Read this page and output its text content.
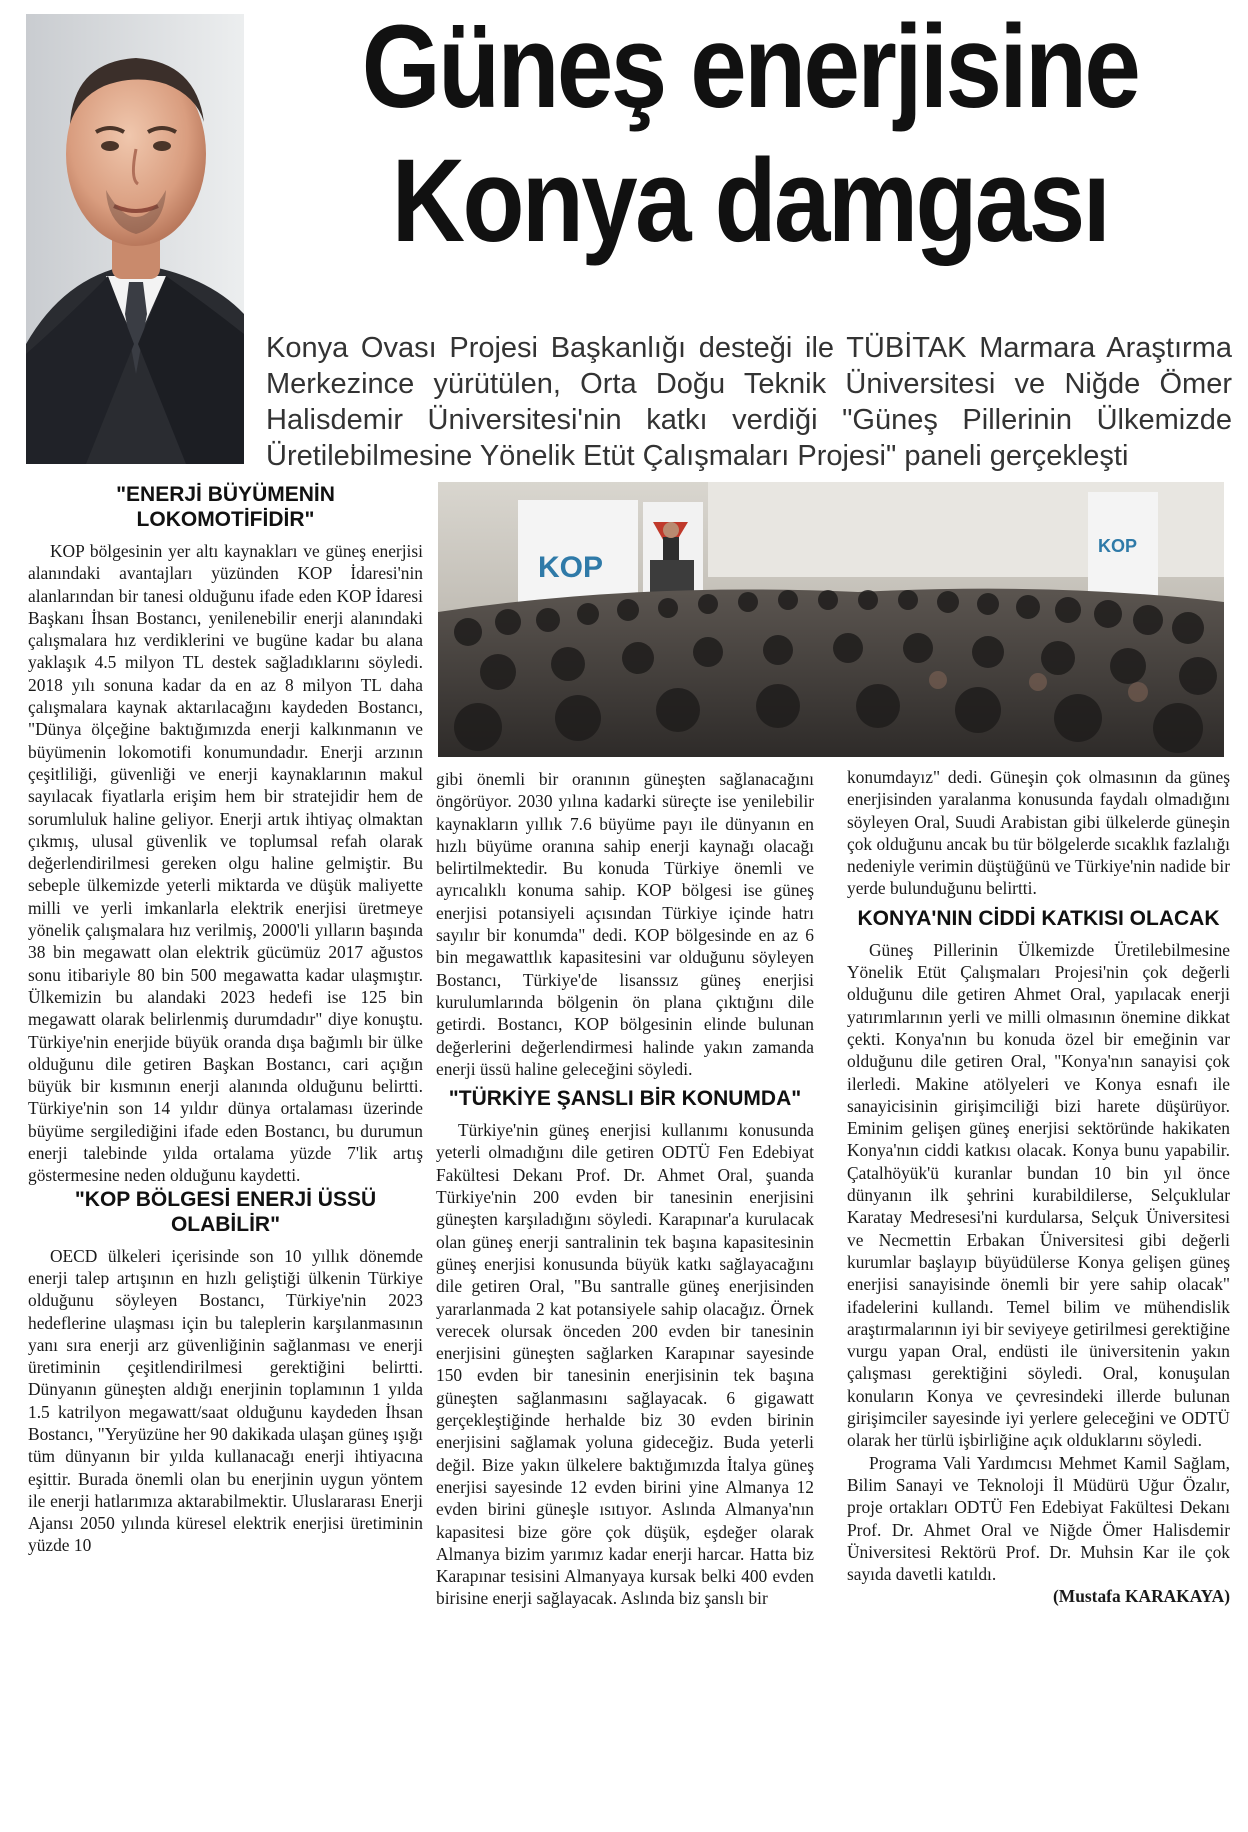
Güneş enerjisine
Konya damgası

Konya Ovası Projesi Başkanlığı desteği ile TÜBİTAK Marmara Araştırma Merkezince yürütülen, Orta Doğu Teknik Üniversitesi ve Niğde Ömer Halisdemir Üniversitesi'nin katkı verdiği "Güneş Pillerinin Ülkemizde Üretilebilmesine Yönelik Etüt Çalışmaları Projesi" paneli gerçekleşti

KOP
KOP
"ENERJİ BÜYÜMENİN LOKOMOTİFİDİR"

KOP bölgesinin yer altı kaynakları ve güneş enerjisi alanındaki avantajları yüzünden KOP İdaresi'nin alanlarından bir tanesi olduğunu ifade eden KOP İdaresi Başkanı İhsan Bostancı, yenilenebilir enerji alanındaki çalışmalara hız verdiklerini ve bugüne kadar bu alana yaklaşık 4.5 milyon TL destek sağladıklarını söyledi. 2018 yılı sonuna kadar da en az 8 milyon TL daha çalışmalara kaynak aktarılacağını kaydeden Bostancı, "Dünya ölçeğine baktığımızda enerji kalkınmanın ve büyümenin lokomotifi konumundadır. Enerji arzının çeşitliliği, güvenliği ve enerji kaynaklarının makul sayılacak fiyatlarla erişim hem bir stratejidir hem de sorumluluk haline geliyor. Enerji artık ihtiyaç olmaktan çıkmış, ulusal güvenlik ve toplumsal refah olarak değerlendirilmesi gereken olgu haline gelmiştir. Bu sebeple ülkemizde yeterli miktarda ve düşük maliyette milli ve yerli imkanlarla elektrik enerjisi üretmeye yönelik çalışmalara hız verilmiş, 2000'li yılların başında 38 bin megawatt olan elektrik gücümüz 2017 ağustos sonu itibariyle 80 bin 500 megawatta kadar ulaşmıştır. Ülkemizin bu alandaki 2023 hedefi ise 125 bin megawatt olarak belirlenmiş durumdadır" diye konuştu. Türkiye'nin enerjide büyük oranda dışa bağımlı bir ülke olduğunu dile getiren Başkan Bostancı, cari açığın büyük bir kısmının enerji alanında olduğunu belirtti. Türkiye'nin son 14 yıldır dünya ortalaması üzerinde büyüme sergilediğini ifade eden Bostancı, bu durumun enerji talebinde yılda ortalama yüzde 7'lik artış göstermesine neden olduğunu kaydetti.

"KOP BÖLGESİ ENERJİ ÜSSÜ OLABİLİR"

OECD ülkeleri içerisinde son 10 yıllık dönemde enerji talep artışının en hızlı geliştiği ülkenin Türkiye olduğunu söyleyen Bostancı, Türkiye'nin 2023 hedeflerine ulaşması için bu taleplerin karşılanmasının yanı sıra enerji arz güvenliğinin sağlanması ve enerji üretiminin çeşitlendirilmesi gerektiğini belirtti. Dünyanın güneşten aldığı enerjinin toplamının 1 yılda 1.5 katrilyon megawatt/saat olduğunu kaydeden İhsan Bostancı, "Yeryüzüne her 90 dakikada ulaşan güneş ışığı tüm dünyanın bir yılda kullanacağı enerji ihtiyacına eşittir. Burada önemli olan bu enerjinin uygun yöntem ile enerji hatlarımıza aktarabilmektir. Uluslararası Enerji Ajansı 2050 yılında küresel elektrik enerjisi üretiminin yüzde 10

gibi önemli bir oranının güneşten sağlanacağını öngörüyor. 2030 yılına kadarki süreçte ise yenilebilir kaynakların yıllık 7.6 büyüme payı ile dünyanın en hızlı büyüme oranına sahip enerji kaynağı olacağı belirtilmektedir. Bu konuda Türkiye önemli ve ayrıcalıklı konuma sahip. KOP bölgesi ise güneş enerjisi potansiyeli açısından Türkiye içinde hatrı sayılır bir konumda" dedi. KOP bölgesinde en az 6 bin megawattlık kapasitesini var olduğunu söyleyen Bostancı, Türkiye'de lisanssız güneş enerjisi kurulumlarında bölgenin ön plana çıktığını dile getirdi. Bostancı, KOP bölgesinin elinde bulunan değerlerini değerlendirmesi halinde yakın zamanda enerji üssü haline geleceğini söyledi.

"TÜRKİYE ŞANSLI BİR KONUMDA"

Türkiye'nin güneş enerjisi kullanımı konusunda yeterli olmadığını dile getiren ODTÜ Fen Edebiyat Fakültesi Dekanı Prof. Dr. Ahmet Oral, şuanda Türkiye'nin 200 evden bir tanesinin enerjisini güneşten karşıladığını söyledi. Karapınar'a kurulacak olan güneş enerji santralinin tek başına kapasitesinin güneş enerjisi konusunda büyük katkı sağlayacağını dile getiren Oral, "Bu santralle güneş enerjisinden yararlanmada 2 kat potansiyele sahip olacağız. Örnek verecek olursak önceden 200 evden bir tanesinin enerjisini güneşten sağlarken Karapınar sayesinde 150 evden bir tanesinin enerjisinin tek başına güneşten sağlanmasını sağlayacak. 6 gigawatt gerçekleştiğinde herhalde biz 30 evden birinin enerjisini sağlamak yoluna gideceğiz. Buda yeterli değil. Bize yakın ülkelere baktığımızda İtalya güneş enerjisi sayesinde 12 evden birini yine Almanya 12 evden birini güneşle ısıtıyor. Aslında Almanya'nın kapasitesi bize göre çok düşük, eşdeğer olarak Almanya bizim yarımız kadar enerji harcar. Hatta biz Karapınar tesisini Almanyaya kursak belki 400 evden birisine enerji sağlayacak. Aslında biz şanslı bir

konumdayız" dedi. Güneşin çok olmasının da güneş enerjisinden yaralanma konusunda faydalı olmadığını söyleyen Oral, Suudi Arabistan gibi ülkelerde güneşin çok olduğunu ancak bu tür bölgelerde sıcaklık fazlalığı nedeniyle verimin düştüğünü ve Türkiye'nin nadide bir yerde bulunduğunu belirtti.

KONYA'NIN CİDDİ KATKISI OLACAK

Güneş Pillerinin Ülkemizde Üretilebilmesine Yönelik Etüt Çalışmaları Projesi'nin çok değerli olduğunu dile getiren Ahmet Oral, yapılacak enerji yatırımlarının yerli ve milli olmasının önemine dikkat çekti. Konya'nın bu konuda özel bir emeğinin var olduğunu dile getiren Oral, "Konya'nın sanayisi çok ilerledi. Makine atölyeleri ve Konya esnafı ile sanayicisinin girişimciliği bizi harete düşürüyor. Eminim gelişen güneş enerjisi sektöründe hakikaten Konya'nın ciddi katkısı olacak. Konya bunu yapabilir. Çatalhöyük'ü kuranlar bundan 10 bin yıl önce dünyanın ilk şehrini kurabildilerse, Selçuklular Karatay Medresesi'ni kurdularsa, Selçuk Üniversitesi ve Necmettin Erbakan Üniversitesi gibi değerli kurumlar başlayıp büyüdülerse Konya gelişen güneş enerjisi sanayisinde önemli bir yere sahip olacak" ifadelerini kullandı. Temel bilim ve mühendislik araştırmalarının iyi bir seviyeye getirilmesi gerektiğine vurgu yapan Oral, endüsti ile üniversitenin yakın çalışması gerektiğini söyledi. Oral, konuşulan konuların Konya ve çevresindeki illerde bulunan girişimciler sayesinde iyi yerlere geleceğini ve ODTÜ olarak her türlü işbirliğine açık olduklarını söyledi.

Programa Vali Yardımcısı Mehmet Kamil Sağlam, Bilim Sanayi ve Teknoloji İl Müdürü Uğur Özalır, proje ortakları ODTÜ Fen Edebiyat Fakültesi Dekanı Prof. Dr. Ahmet Oral ve Niğde Ömer Halisdemir Üniversitesi Rektörü Prof. Dr. Muhsin Kar ile çok sayıda davetli katıldı.

(Mustafa KARAKAYA)
